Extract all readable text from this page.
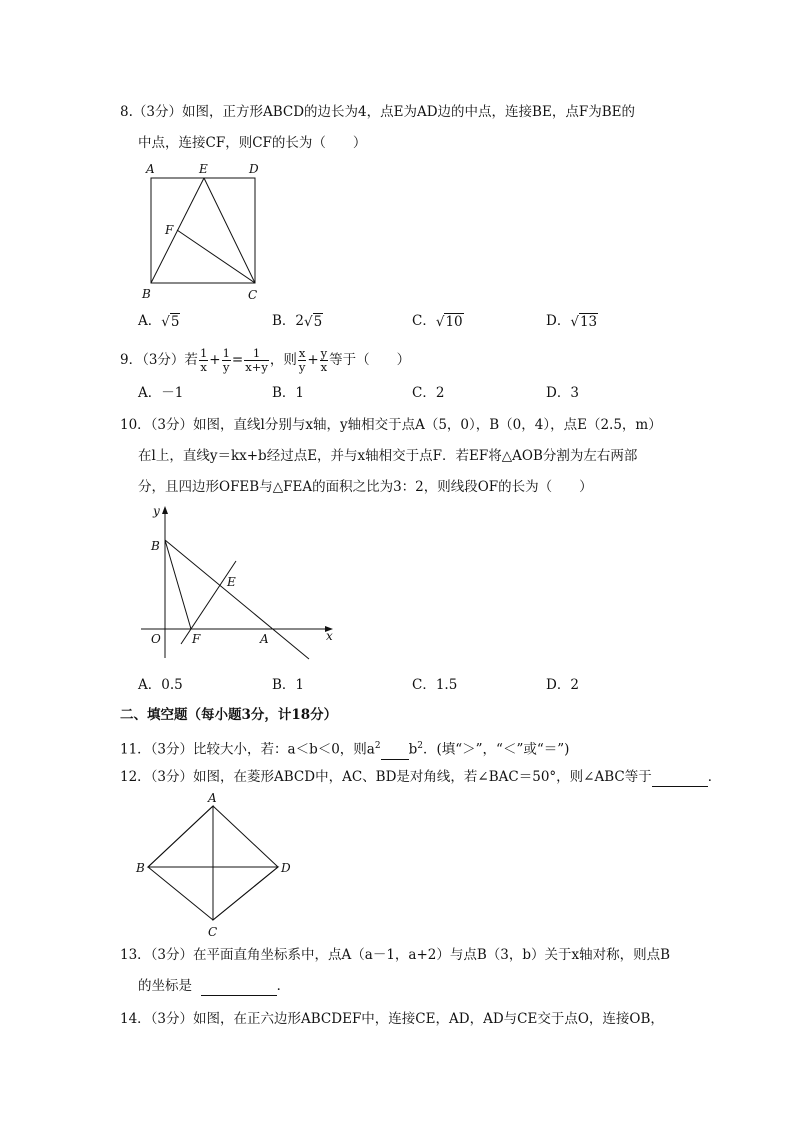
8.（3分）如图，正方形ABCD的边长为4，点E为AD边的中点，连接BE，点F为BE的
中点，连接CF，则CF的长为（　　）
A	E	D
F
B	C
A．√5	B．2√5	C．√10	D．√13
9．（3分）若 $\frac{1}{x} + \frac{1}{y} = \frac{1}{x+y}$ ，则 $\frac{x}{y} + \frac{y}{x}$ 等于（　　）
A．－1	B．1	C．2	D．3
10．（3分）如图，直线l分别与x轴，y轴相交于点A（5，0），B（0，4），点E（2.5，m）
在l上，直线y＝kx+b经过点E，并与x轴相交于点F．若EF将△AOB分割为左右两部
分，且四边形OFEB与△FEA的面积之比为3：2，则线段OF的长为（　　）
y
x
B
E
O	F	A
A．0.5	B．1	C．1.5	D．2
二、填空题（每小题3分，计18分）
11．（3分）比较大小，若：a＜b＜0，则$a^2$ $b^2$．(填“＞”，“＜”或“＝”)
12．（3分）如图，在菱形ABCD中，AC、BD是对角线，若∠BAC＝50°，则∠ABC等于	．
A
B	D
C
13．（3分）在平面直角坐标系中，点A（a－1，a+2）与点B（3，b）关于x轴对称，则点B
的坐标是	．
14．（3分）如图，在正六边形ABCDEF中，连接CE，AD，AD与CE交于点O，连接OB，
